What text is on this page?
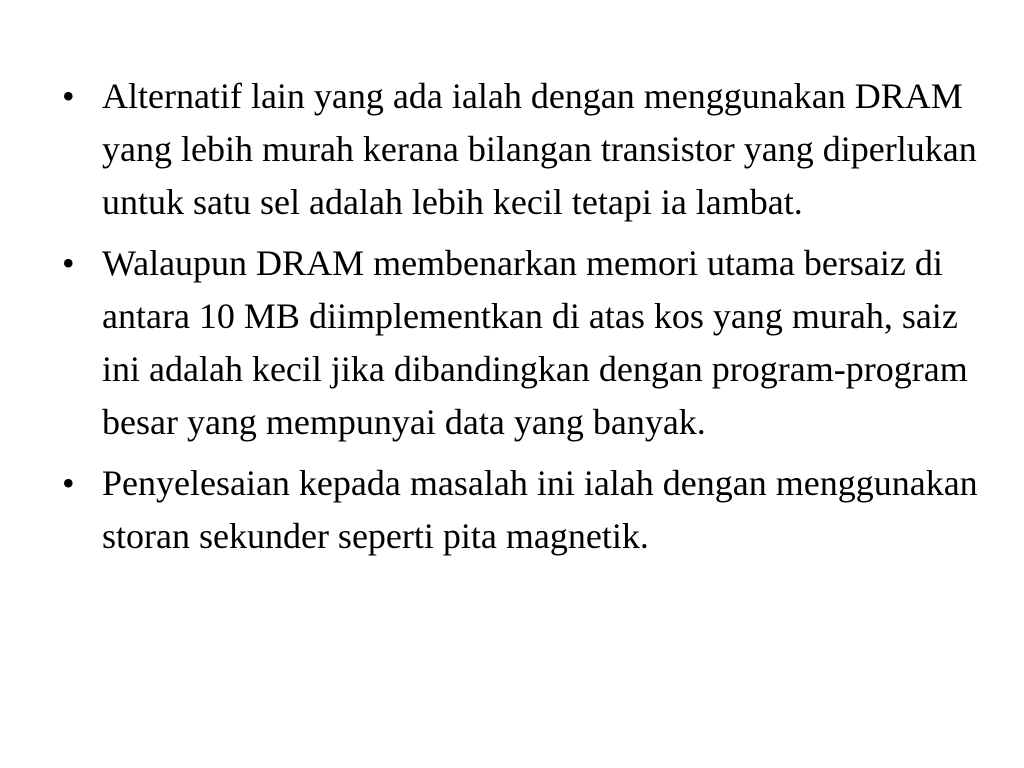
• Alternatif lain yang ada ialah dengan menggunakan DRAM yang lebih murah kerana bilangan transistor yang diperlukan untuk satu sel adalah lebih kecil tetapi ia lambat.
• Walaupun DRAM membenarkan memori utama bersaiz di antara 10 MB diimplementkan di atas kos yang murah, saiz ini adalah kecil jika dibandingkan dengan program-program besar yang mempunyai data yang banyak.
• Penyelesaian kepada masalah ini ialah dengan menggunakan storan sekunder seperti pita magnetik.
